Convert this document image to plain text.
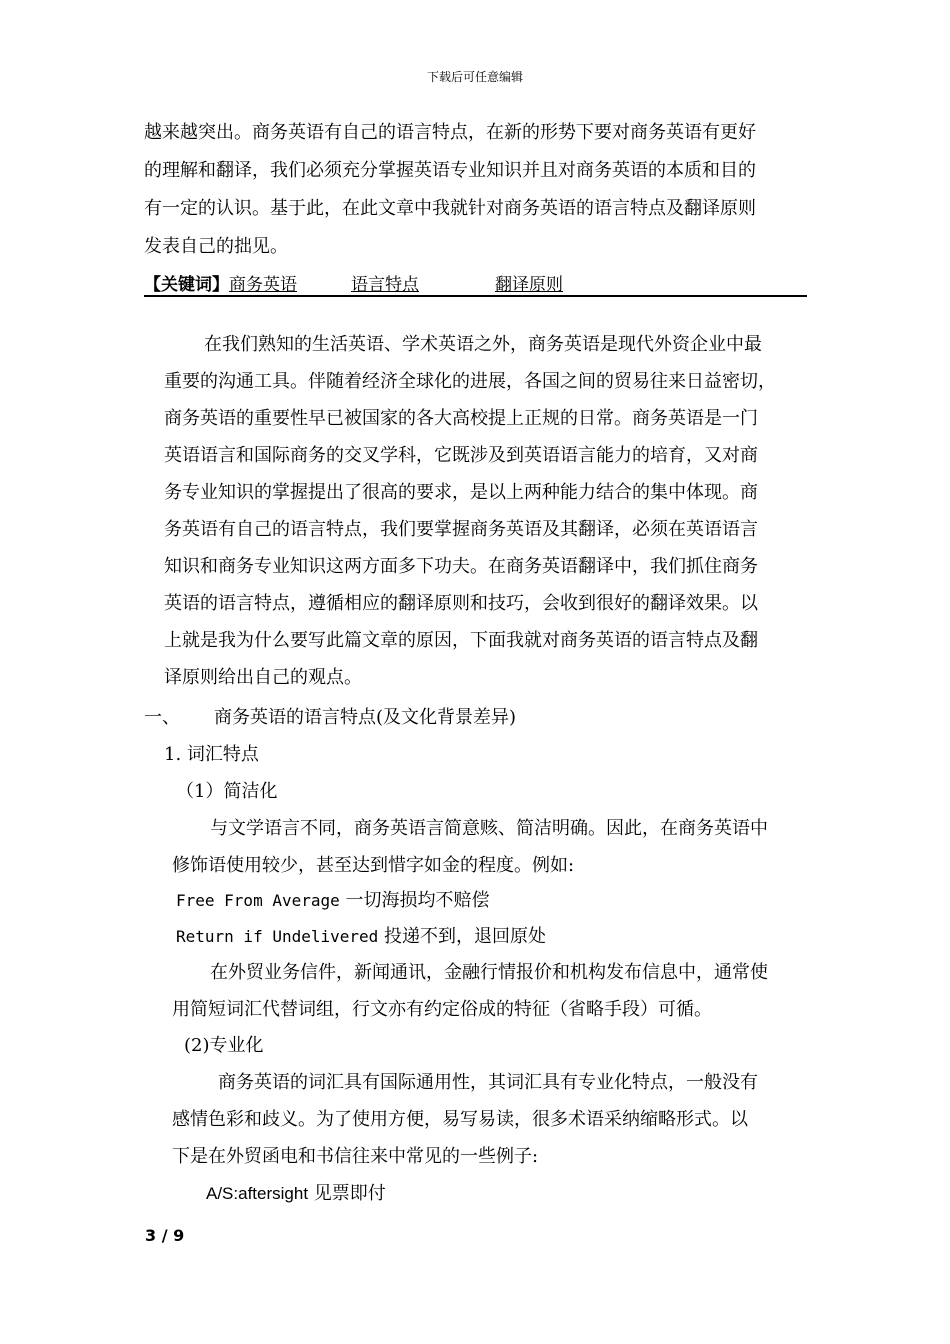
下载后可任意编辑
越来越突出。商务英语有自己的语言特点，在新的形势下要对商务英语有更好
的理解和翻译，我们必须充分掌握英语专业知识并且对商务英语的本质和目的
有一定的认识。基于此，在此文章中我就针对商务英语的语言特点及翻译原则
发表自己的拙见。
【关键词】商务英语	语言特点	翻译原则
在我们熟知的生活英语、学术英语之外，商务英语是现代外资企业中最
重要的沟通工具。伴随着经济全球化的进展，各国之间的贸易往来日益密切，
商务英语的重要性早已被国家的各大高校提上正规的日常。商务英语是一门
英语语言和国际商务的交叉学科，它既涉及到英语语言能力的培育，又对商
务专业知识的掌握提出了很高的要求，是以上两种能力结合的集中体现。商
务英语有自己的语言特点，我们要掌握商务英语及其翻译，必须在英语语言
知识和商务专业知识这两方面多下功夫。在商务英语翻译中，我们抓住商务
英语的语言特点，遵循相应的翻译原则和技巧，会收到很好的翻译效果。以
上就是我为什么要写此篇文章的原因，下面我就对商务英语的语言特点及翻
译原则给出自己的观点。
一、 商务英语的语言特点(及文化背景差异)
1. 词汇特点
（1）简洁化
与文学语言不同，商务英语言简意赅、简洁明确。因此，在商务英语中
修饰语使用较少，甚至达到惜字如金的程度。例如:
Free From Average 一切海损均不赔偿
Return if Undelivered 投递不到，退回原处
在外贸业务信件，新闻通讯，金融行情报价和机构发布信息中，通常使
用简短词汇代替词组，行文亦有约定俗成的特征（省略手段）可循。
(2)专业化
商务英语的词汇具有国际通用性，其词汇具有专业化特点，一般没有
感情色彩和歧义。为了使用方便，易写易读，很多术语采纳缩略形式。以
下是在外贸函电和书信往来中常见的一些例子:
A/S:aftersight 见票即付
3 / 9
